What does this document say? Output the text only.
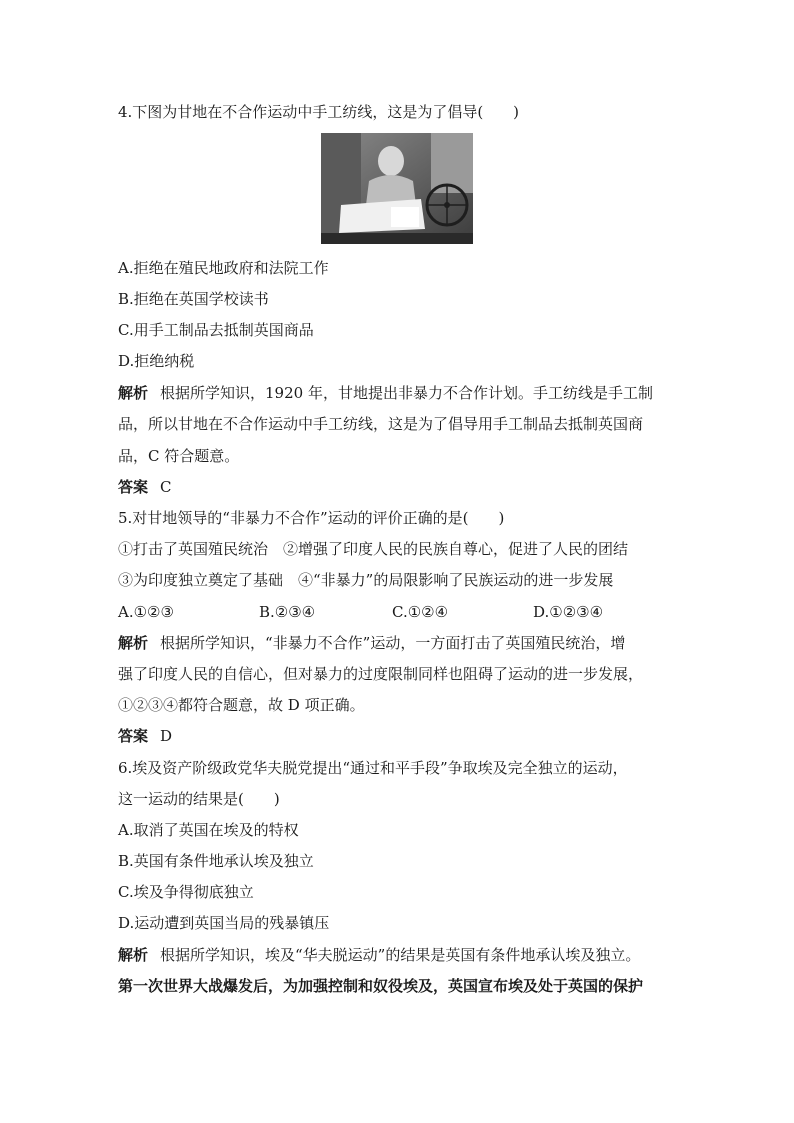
4.下图为甘地在不合作运动中手工纺线，这是为了倡导(　　)
A.拒绝在殖民地政府和法院工作
B.拒绝在英国学校读书
C.用手工制品去抵制英国商品
D.拒绝纳税
解析 根据所学知识，1920 年，甘地提出非暴力不合作计划。手工纺线是手工制
品，所以甘地在不合作运动中手工纺线，这是为了倡导用手工制品去抵制英国商
品，C 符合题意。
答案 C
5.对甘地领导的“非暴力不合作”运动的评价正确的是(　　)
①打击了英国殖民统治　②增强了印度人民的民族自尊心，促进了人民的团结
③为印度独立奠定了基础　④“非暴力”的局限影响了民族运动的进一步发展
A.①②③	B.②③④	C.①②④	D.①②③④
解析 根据所学知识，“非暴力不合作”运动，一方面打击了英国殖民统治，增
强了印度人民的自信心，但对暴力的过度限制同样也阻碍了运动的进一步发展，
①②③④都符合题意，故 D 项正确。
答案 D
6.埃及资产阶级政党华夫脱党提出“通过和平手段”争取埃及完全独立的运动，
这一运动的结果是(　　)
A.取消了英国在埃及的特权
B.英国有条件地承认埃及独立
C.埃及争得彻底独立
D.运动遭到英国当局的残暴镇压
解析 根据所学知识，埃及“华夫脱运动”的结果是英国有条件地承认埃及独立。
第一次世界大战爆发后，为加强控制和奴役埃及，英国宣布埃及处于英国的保护
